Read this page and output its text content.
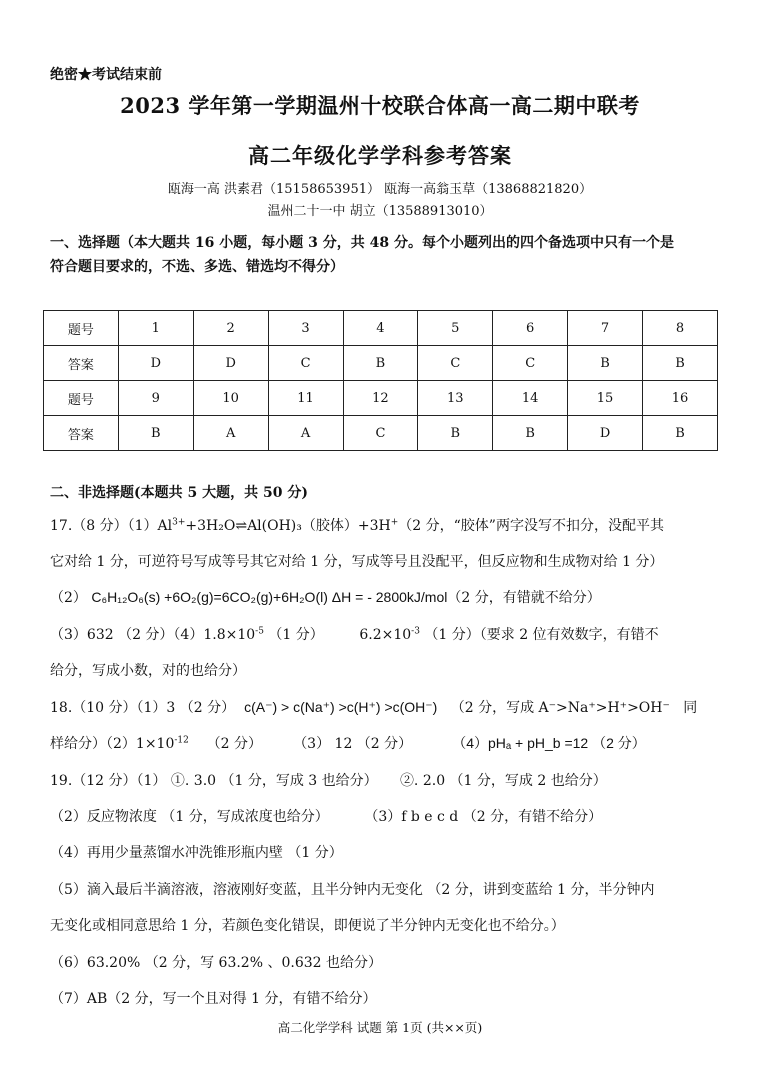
绝密★考试结束前
2023 学年第一学期温州十校联合体高一高二期中联考
高二年级化学学科参考答案
瓯海一高 洪素君（15158653951） 瓯海一高翁玉草（13868821820）
温州二十一中 胡立（13588913010）
一、选择题（本大题共 16 小题，每小题 3 分，共 48 分。每个小题列出的四个备选项中只有一个是
符合题目要求的，不选、多选、错选均不得分）
题号	1	2	3	4	5	6	7	8
答案	D	D	C	B	C	C	B	B
题号	9	10	11	12	13	14	15	16
答案	B	A	A	C	B	B	D	B
二、非选择题(本题共 5 大题，共 50 分)
17.（8 分）$(1)Al^{3+}+3H_2O\rightleftharpoons Al(OH)_3$（胶体）+3H+（2 分，“胶体”两字没写不扣分，没配平其
它对给 1 分，可逆符号写成等号其它对给 1 分，写成等号且没配平，但反应物和生成物对给 1 分）
（2） C₆H₁₂O₆(s) +6O₂(g)=6CO₂(g)+6H₂O(l) ΔH = - 2800kJ/mol（2 分，有错就不给分）
（3）632 （2 分）$(4)1.8\times 10^{-5}$ （1 分）	$6.2\times 10^{-3}$ （1 分）（要求 2 位有效数字，有错不
给分，写成小数，对的也给分）
18.（10 分）（1）3 （2 分） c(A⁻) > c(Na⁺) >c(H⁺) >c(OH⁻) （2 分，写成 A⁻>Na⁺>H⁺>OH⁻ 同
样给分）$(2)1\times 10^{-12}$ （2 分） （3） 12 （2 分）	（4）pHₐ + pH_b =12 （2 分）
19.（12 分）（1） ①. 3.0 （1 分，写成 3 也给分） ②. 2.0 （1 分，写成 2 也给分）
（2）反应物浓度 （1 分，写成浓度也给分）	（3）f b e c d （2 分，有错不给分）
（4）再用少量蒸馏水冲洗锥形瓶内壁 （1 分）
（5）滴入最后半滴溶液，溶液刚好变蓝，且半分钟内无变化 （2 分，讲到变蓝给 1 分，半分钟内
无变化或相同意思给 1 分，若颜色变化错误，即便说了半分钟内无变化也不给分。）
（6）63.20% （2 分，写 63.2% 、0.632 也给分）
（7）AB（2 分，写一个且对得 1 分，有错不给分）
高二化学学科 试题 第 1页 (共××页)
